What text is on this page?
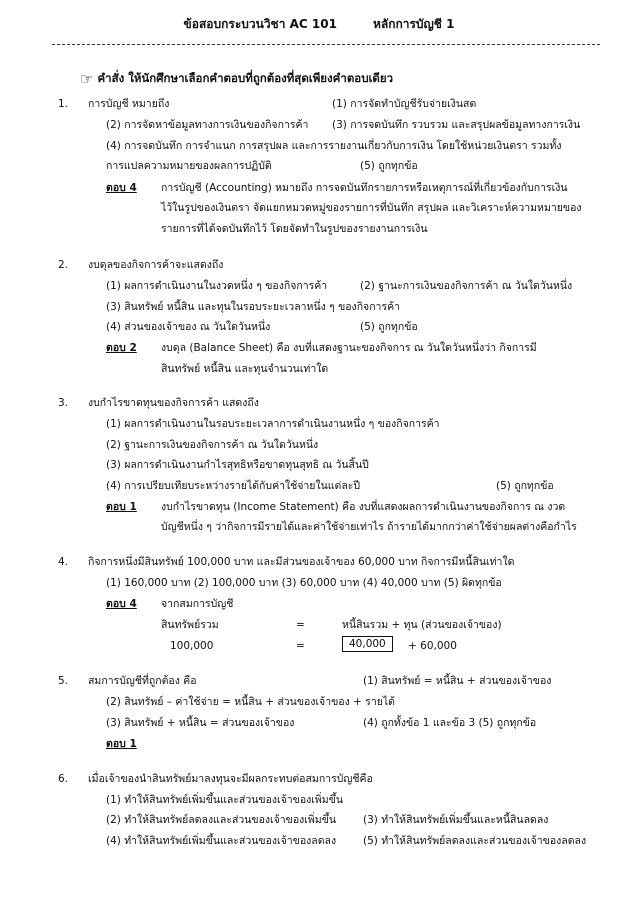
ข้อสอบกระบวนวิชา AC 101	หลักการบัญชี 1
☞ คำสั่ง ให้นักศึกษาเลือกคำตอบที่ถูกต้องที่สุดเพียงคำตอบเดียว
1. การบัญชี หมายถึง	(1) การจัดทำบัญชีรับจ่ายเงินสด
(2) การจัดหาข้อมูลทางการเงินของกิจการค้า (3) การจดบันทึก รวบรวม และสรุปผลข้อมูลทางการเงิน
(4) การจดบันทึก การจำแนก การสรุปผล และการรายงานเกี่ยวกับการเงิน โดยใช้หน่วยเงินตรา รวมทั้ง
การแปลความหมายของผลการปฏิบัติ	(5) ถูกทุกข้อ
ตอบ 4 การบัญชี (Accounting) หมายถึง การจดบันทึกรายการหรือเหตุการณ์ที่เกี่ยวข้องกับการเงิน
ไว้ในรูปของเงินตรา จัดแยกหมวดหมู่ของรายการที่บันทึก สรุปผล และวิเคราะห์ความหมายของ
รายการที่ได้จดบันทึกไว้ โดยจัดทำในรูปของรายงานการเงิน
2. งบดุลของกิจการค้าจะแสดงถึง
(1) ผลการดำเนินงานในงวดหนึ่ง ๆ ของกิจการค้า	(2) ฐานะการเงินของกิจการค้า ณ วันใดวันหนึ่ง
(3) สินทรัพย์ หนี้สิน และทุนในรอบระยะเวลาหนึ่ง ๆ ของกิจการค้า
(4) ส่วนของเจ้าของ ณ วันใดวันหนึ่ง	(5) ถูกทุกข้อ
ตอบ 2 งบดุล (Balance Sheet) คือ งบที่แสดงฐานะของกิจการ ณ วันใดวันหนึ่งว่า กิจการมี
สินทรัพย์ หนี้สิน และทุนจำนวนเท่าใด
3. งบกำไรขาดทุนของกิจการค้า แสดงถึง
(1) ผลการดำเนินงานในรอบระยะเวลาการดำเนินงานหนึ่ง ๆ ของกิจการค้า
(2) ฐานะการเงินของกิจการค้า ณ วันใดวันหนึ่ง
(3) ผลการดำเนินงานกำไรสุทธิหรือขาดทุนสุทธิ ณ วันสิ้นปี
(4) การเปรียบเทียบระหว่างรายได้กับค่าใช้จ่ายในแต่ละปี	(5) ถูกทุกข้อ
ตอบ 1 งบกำไรขาดทุน (Income Statement) คือ งบที่แสดงผลการดำเนินงานของกิจการ ณ งวด
บัญชีหนึ่ง ๆ ว่ากิจการมีรายได้และค่าใช้จ่ายเท่าไร ถ้ารายได้มากกว่าค่าใช้จ่ายผลต่างคือกำไร
4. กิจการหนึ่งมีสินทรัพย์ 100,000 บาท และมีส่วนของเจ้าของ 60,000 บาท กิจการมีหนี้สินเท่าใด
(1) 160,000 บาท (2) 100,000 บาท (3) 60,000 บาท (4) 40,000 บาท (5) ผิดทุกข้อ
ตอบ 4 จากสมการบัญชี
สินทรัพย์รวม	=	หนี้สินรวม + ทุน (ส่วนของเจ้าของ)
100,000	=	40,000	+ 60,000
5. สมการบัญชีที่ถูกต้อง คือ	(1) สินทรัพย์ = หนี้สิน + ส่วนของเจ้าของ
(2) สินทรัพย์ – ค่าใช้จ่าย = หนี้สิน + ส่วนของเจ้าของ + รายได้
(3) สินทรัพย์ + หนี้สิน = ส่วนของเจ้าของ	(4) ถูกทั้งข้อ 1 และข้อ 3 (5) ถูกทุกข้อ
ตอบ 1
6. เมื่อเจ้าของนำสินทรัพย์มาลงทุนจะมีผลกระทบต่อสมการบัญชีคือ
(1) ทำให้สินทรัพย์เพิ่มขึ้นและส่วนของเจ้าของเพิ่มขึ้น
(2) ทำให้สินทรัพย์ลดลงและส่วนของเจ้าของเพิ่มขึ้น	(3) ทำให้สินทรัพย์เพิ่มขึ้นและหนี้สินลดลง
(4) ทำให้สินทรัพย์เพิ่มขึ้นและส่วนของเจ้าของลดลง	(5) ทำให้สินทรัพย์ลดลงและส่วนของเจ้าของลดลง
